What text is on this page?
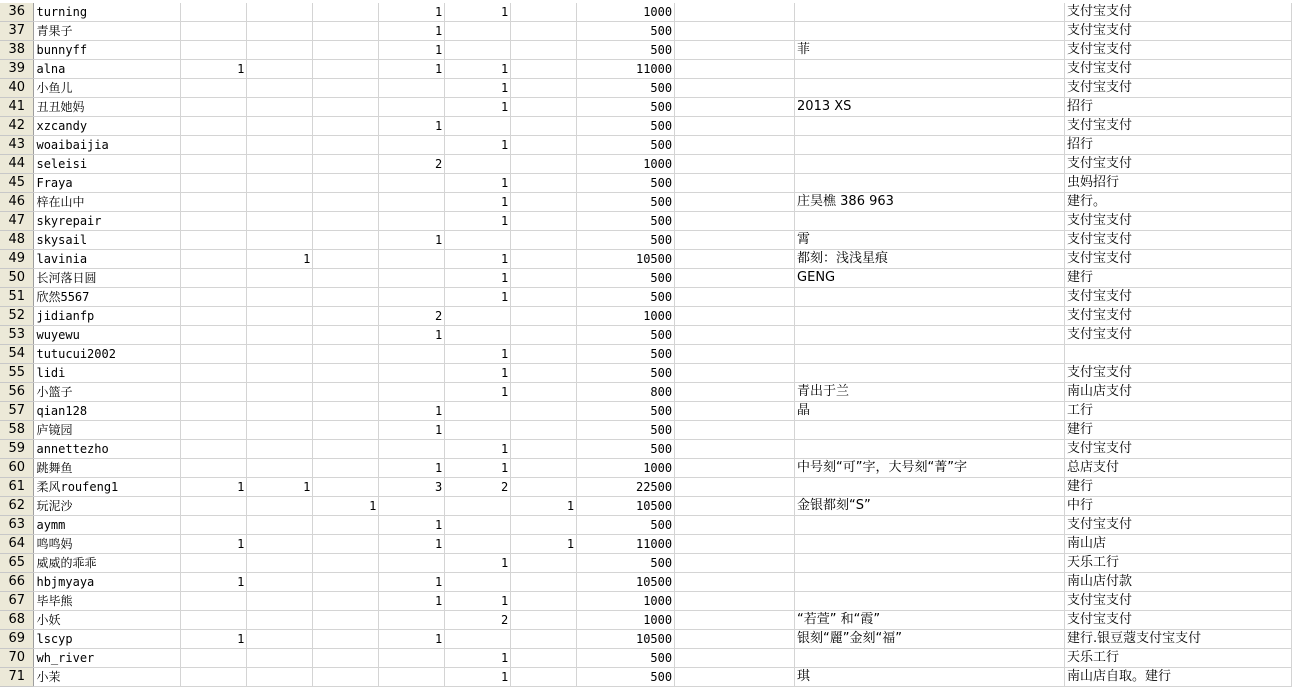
36	turning				1	1		1000			支付宝支付
37	青果子				1			500			支付宝支付
38	bunnyff				1			500		菲	支付宝支付
39	alna	1			1	1		11000			支付宝支付
40	小鱼儿					1		500			支付宝支付
41	丑丑她妈					1		500		2013 XS	招行
42	xzcandy				1			500			支付宝支付
43	woaibaijia					1		500			招行
44	seleisi				2			1000			支付宝支付
45	Fraya					1		500			虫妈招行
46	梓在山中					1		500		庄昊樵 386 963	建行。
47	skyrepair					1		500			支付宝支付
48	skysail				1			500		霄	支付宝支付
49	lavinia		1			1		10500		都刻：浅浅星痕	支付宝支付
50	长河落日圆					1		500		GENG	建行
51	欣然5567					1		500			支付宝支付
52	jidianfp				2			1000			支付宝支付
53	wuyewu				1			500			支付宝支付
54	tutucui2002					1		500			
55	lidi					1		500			支付宝支付
56	小篮子					1		800		青出于兰	南山店支付
57	qian128				1			500		晶	工行
58	庐镜园				1			500			建行
59	annettezho					1		500			支付宝支付
60	跳舞鱼				1	1		1000		中号刻“可”字，大号刻“菁”字	总店支付
61	柔风roufeng1	1	1		3	2		22500			建行
62	玩泥沙			1			1	10500		金银都刻“S”	中行
63	aymm				1			500			支付宝支付
64	鸣鸣妈	1			1		1	11000			南山店
65	威威的乖乖					1		500			天乐工行
66	hbjmyaya	1			1			10500			南山店付款
67	毕毕熊				1	1		1000			支付宝支付
68	小妖					2		1000		“若萱” 和“霞”	支付宝支付
69	lscyp	1			1			10500		银刻“麗”金刻“福”	建行.银豆蔻支付宝支付
70	wh_river					1		500			天乐工行
71	小茉					1		500		琪	南山店自取。建行
